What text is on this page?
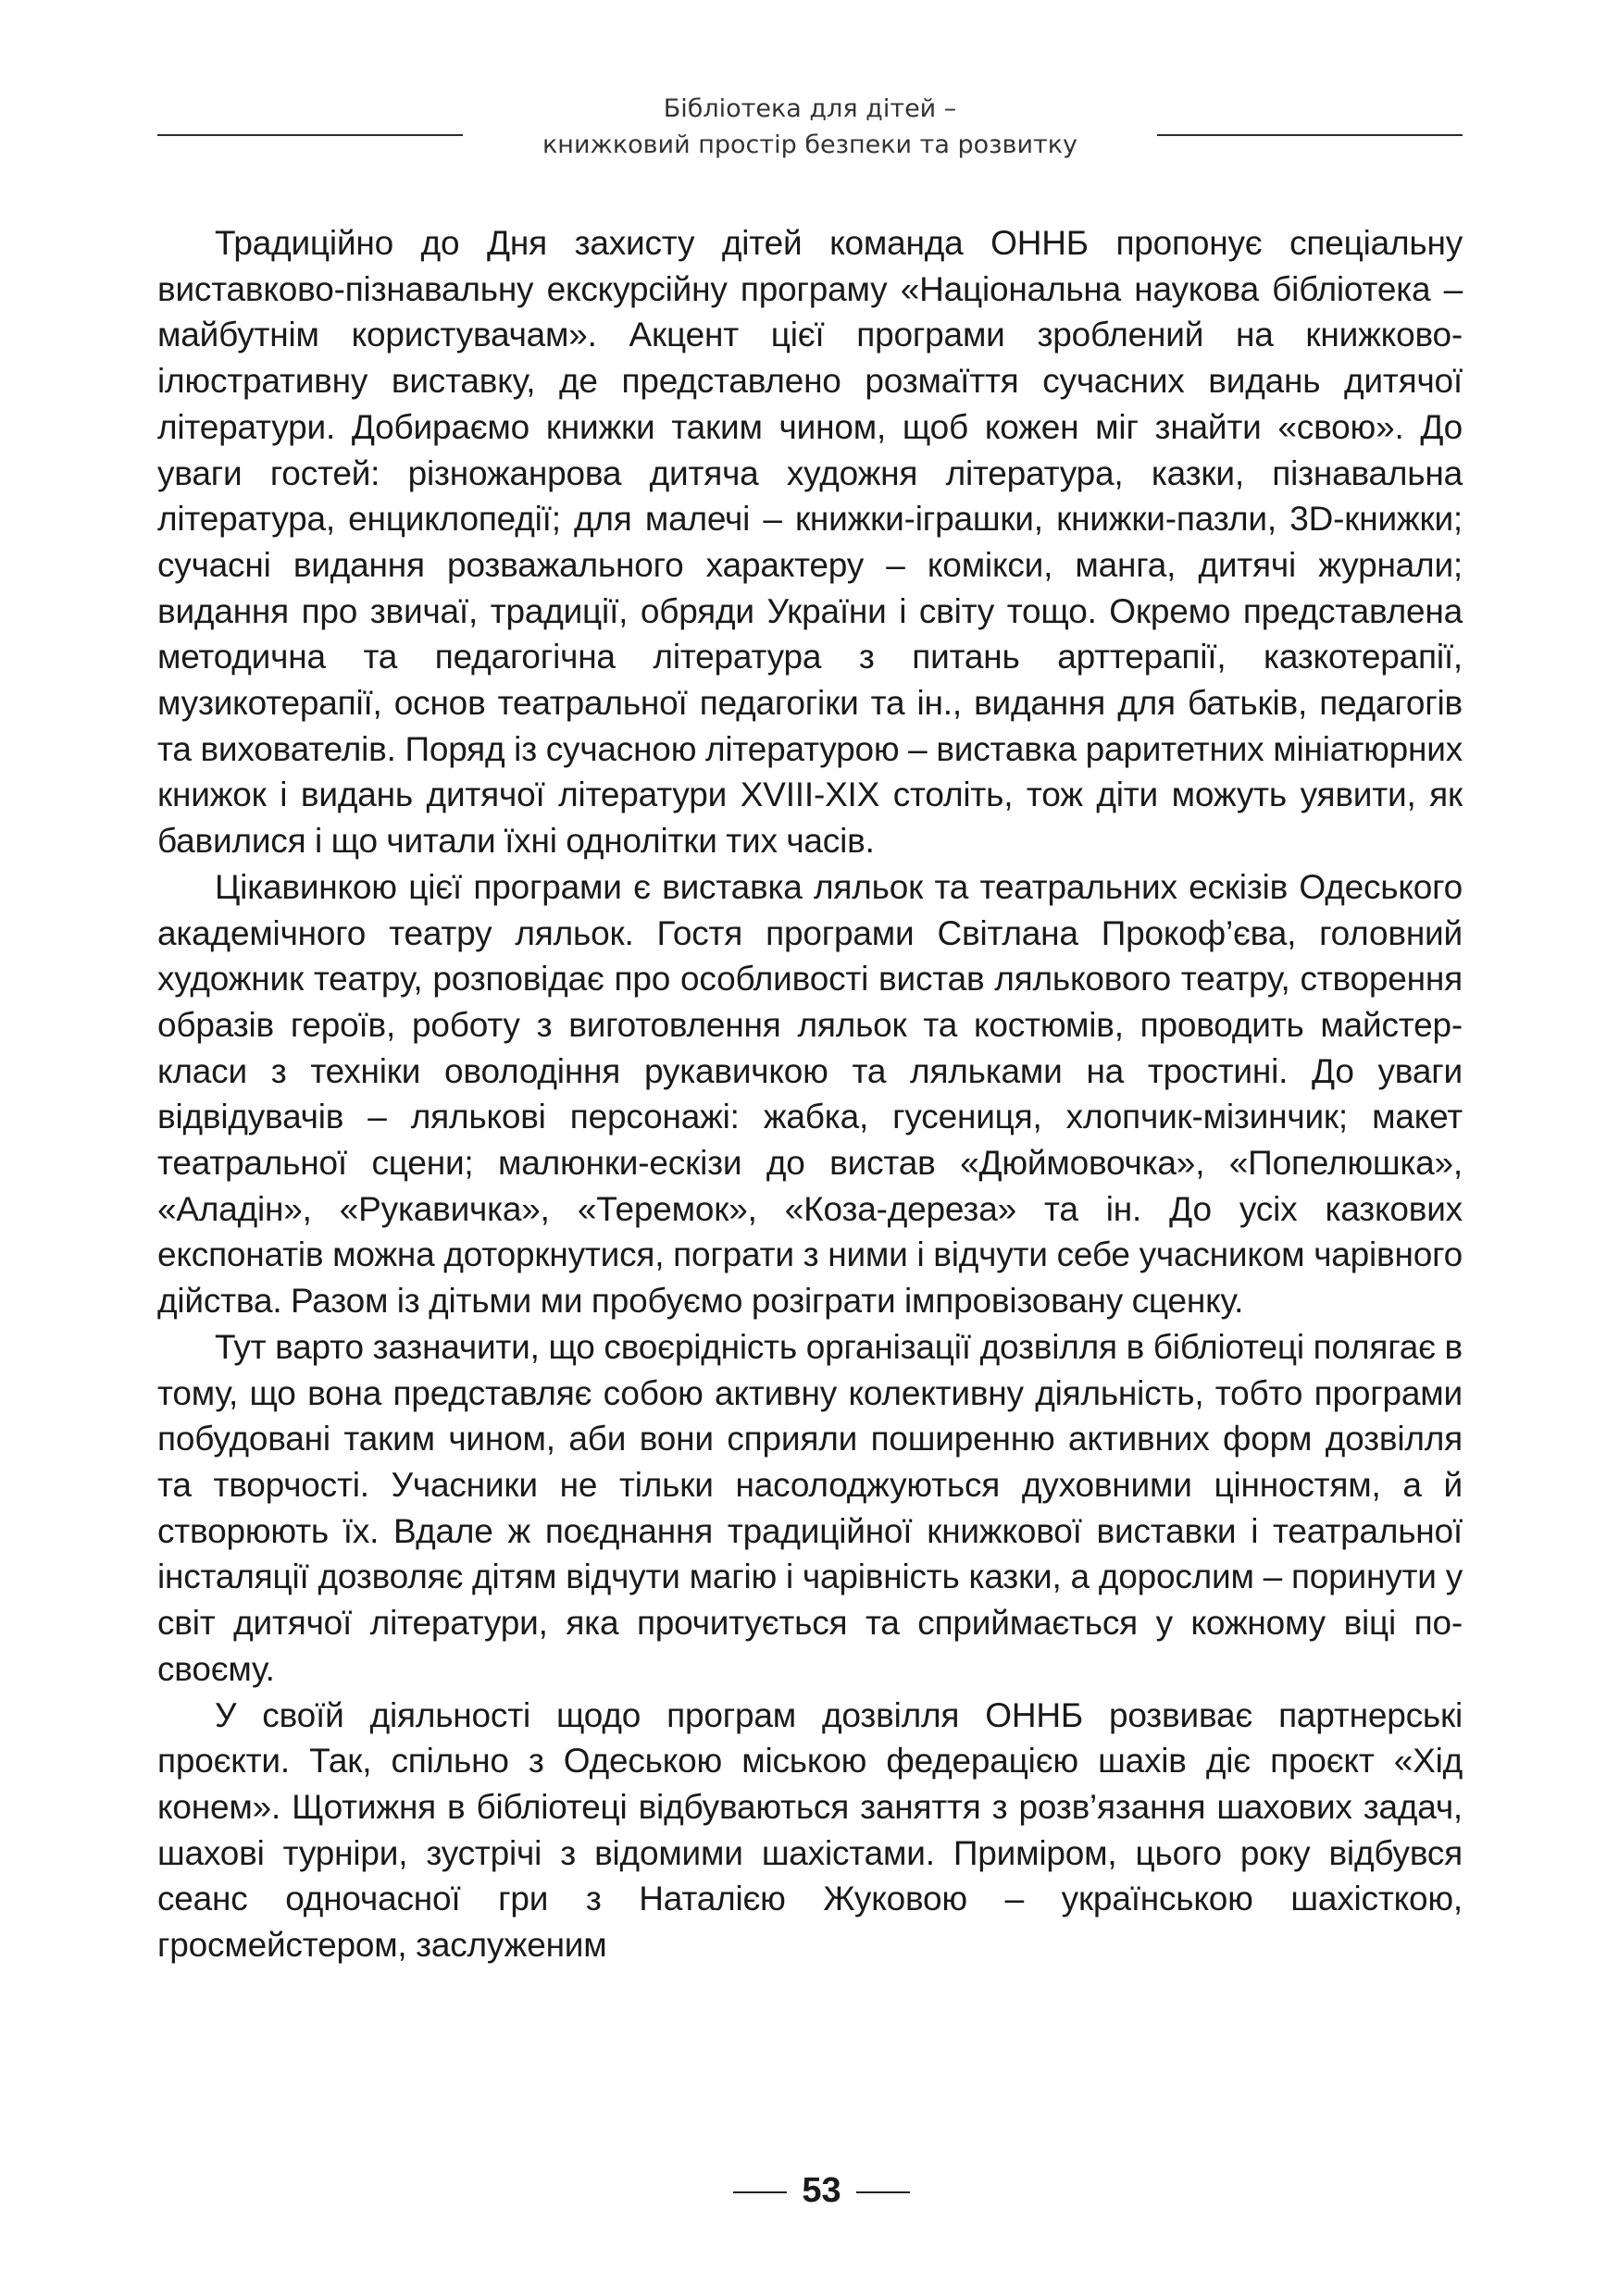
Бібліотека для дітей –
книжковий простір безпеки та розвитку

Традиційно до Дня захисту дітей команда ОННБ пропонує спеціальну виставково-пізнавальну екскурсійну програму «Національна наукова бібліотека – майбутнім користувачам». Акцент цієї програми зроблений на книжково-ілюстративну виставку, де представлено розмаїття сучасних видань дитячої літератури. Добираємо книжки таким чином, щоб кожен міг знайти «свою». До уваги гостей: різножанрова дитяча художня література, казки, пізнавальна література, енциклопедії; для малечі – книжки-іграшки, книжки-пазли, 3D-книжки; сучасні видання розважального характеру – комікси, манга, дитячі журнали; видання про звичаї, традиції, обряди України і світу тощо. Окремо представлена методична та педагогічна література з питань арттерапії, казкотерапії, музикотерапії, основ театральної педагогіки та ін., видання для батьків, педагогів та вихователів. Поряд із сучасною літературою – виставка раритетних мініатюрних книжок і видань дитячої літератури XVIII-XIX століть, тож діти можуть уявити, як бавилися і що читали їхні однолітки тих часів.

Цікавинкою цієї програми є виставка ляльок та театральних ескізів Одеського академічного театру ляльок. Гостя програми Світлана Прокоф’єва, головний художник театру, розповідає про особливості вистав лялькового театру, створення образів героїв, роботу з виготовлення ляльок та костюмів, проводить майстер-класи з техніки оволодіння рукавичкою та ляльками на тростині. До уваги відвідувачів – лялькові персонажі: жабка, гусениця, хлопчик-мізинчик; макет театральної сцени; малюнки-ескізи до вистав «Дюймовочка», «Попелюшка», «Аладін», «Рукавичка», «Теремок», «Коза-дереза» та ін. До усіх казкових експонатів можна доторкнутися, пограти з ними і відчути себе учасником чарівного дійства. Разом із дітьми ми пробуємо розіграти імпровізовану сценку.

Тут варто зазначити, що своєрідність організації дозвілля в бібліотеці полягає в тому, що вона представляє собою активну колективну діяльність, тобто програми побудовані таким чином, аби вони сприяли поширенню активних форм дозвілля та творчості. Учасники не тільки насолоджуються духовними цінностям, а й створюють їх. Вдале ж поєднання традиційної книжкової виставки і театральної інсталяції дозволяє дітям відчути магію і чарівність казки, а дорослим – поринути у світ дитячої літератури, яка прочитується та сприймається у кожному віці по-своєму.

У своїй діяльності щодо програм дозвілля ОННБ розвиває партнерські проєкти. Так, спільно з Одеською міською федерацією шахів діє проєкт «Хід конем». Щотижня в бібліотеці відбуваються заняття з розв’язання шахових задач, шахові турніри, зустрічі з відомими шахістами. Приміром, цього року відбувся сеанс одночасної гри з Наталією Жуковою – українською шахісткою, гросмейстером, заслуженим

53
